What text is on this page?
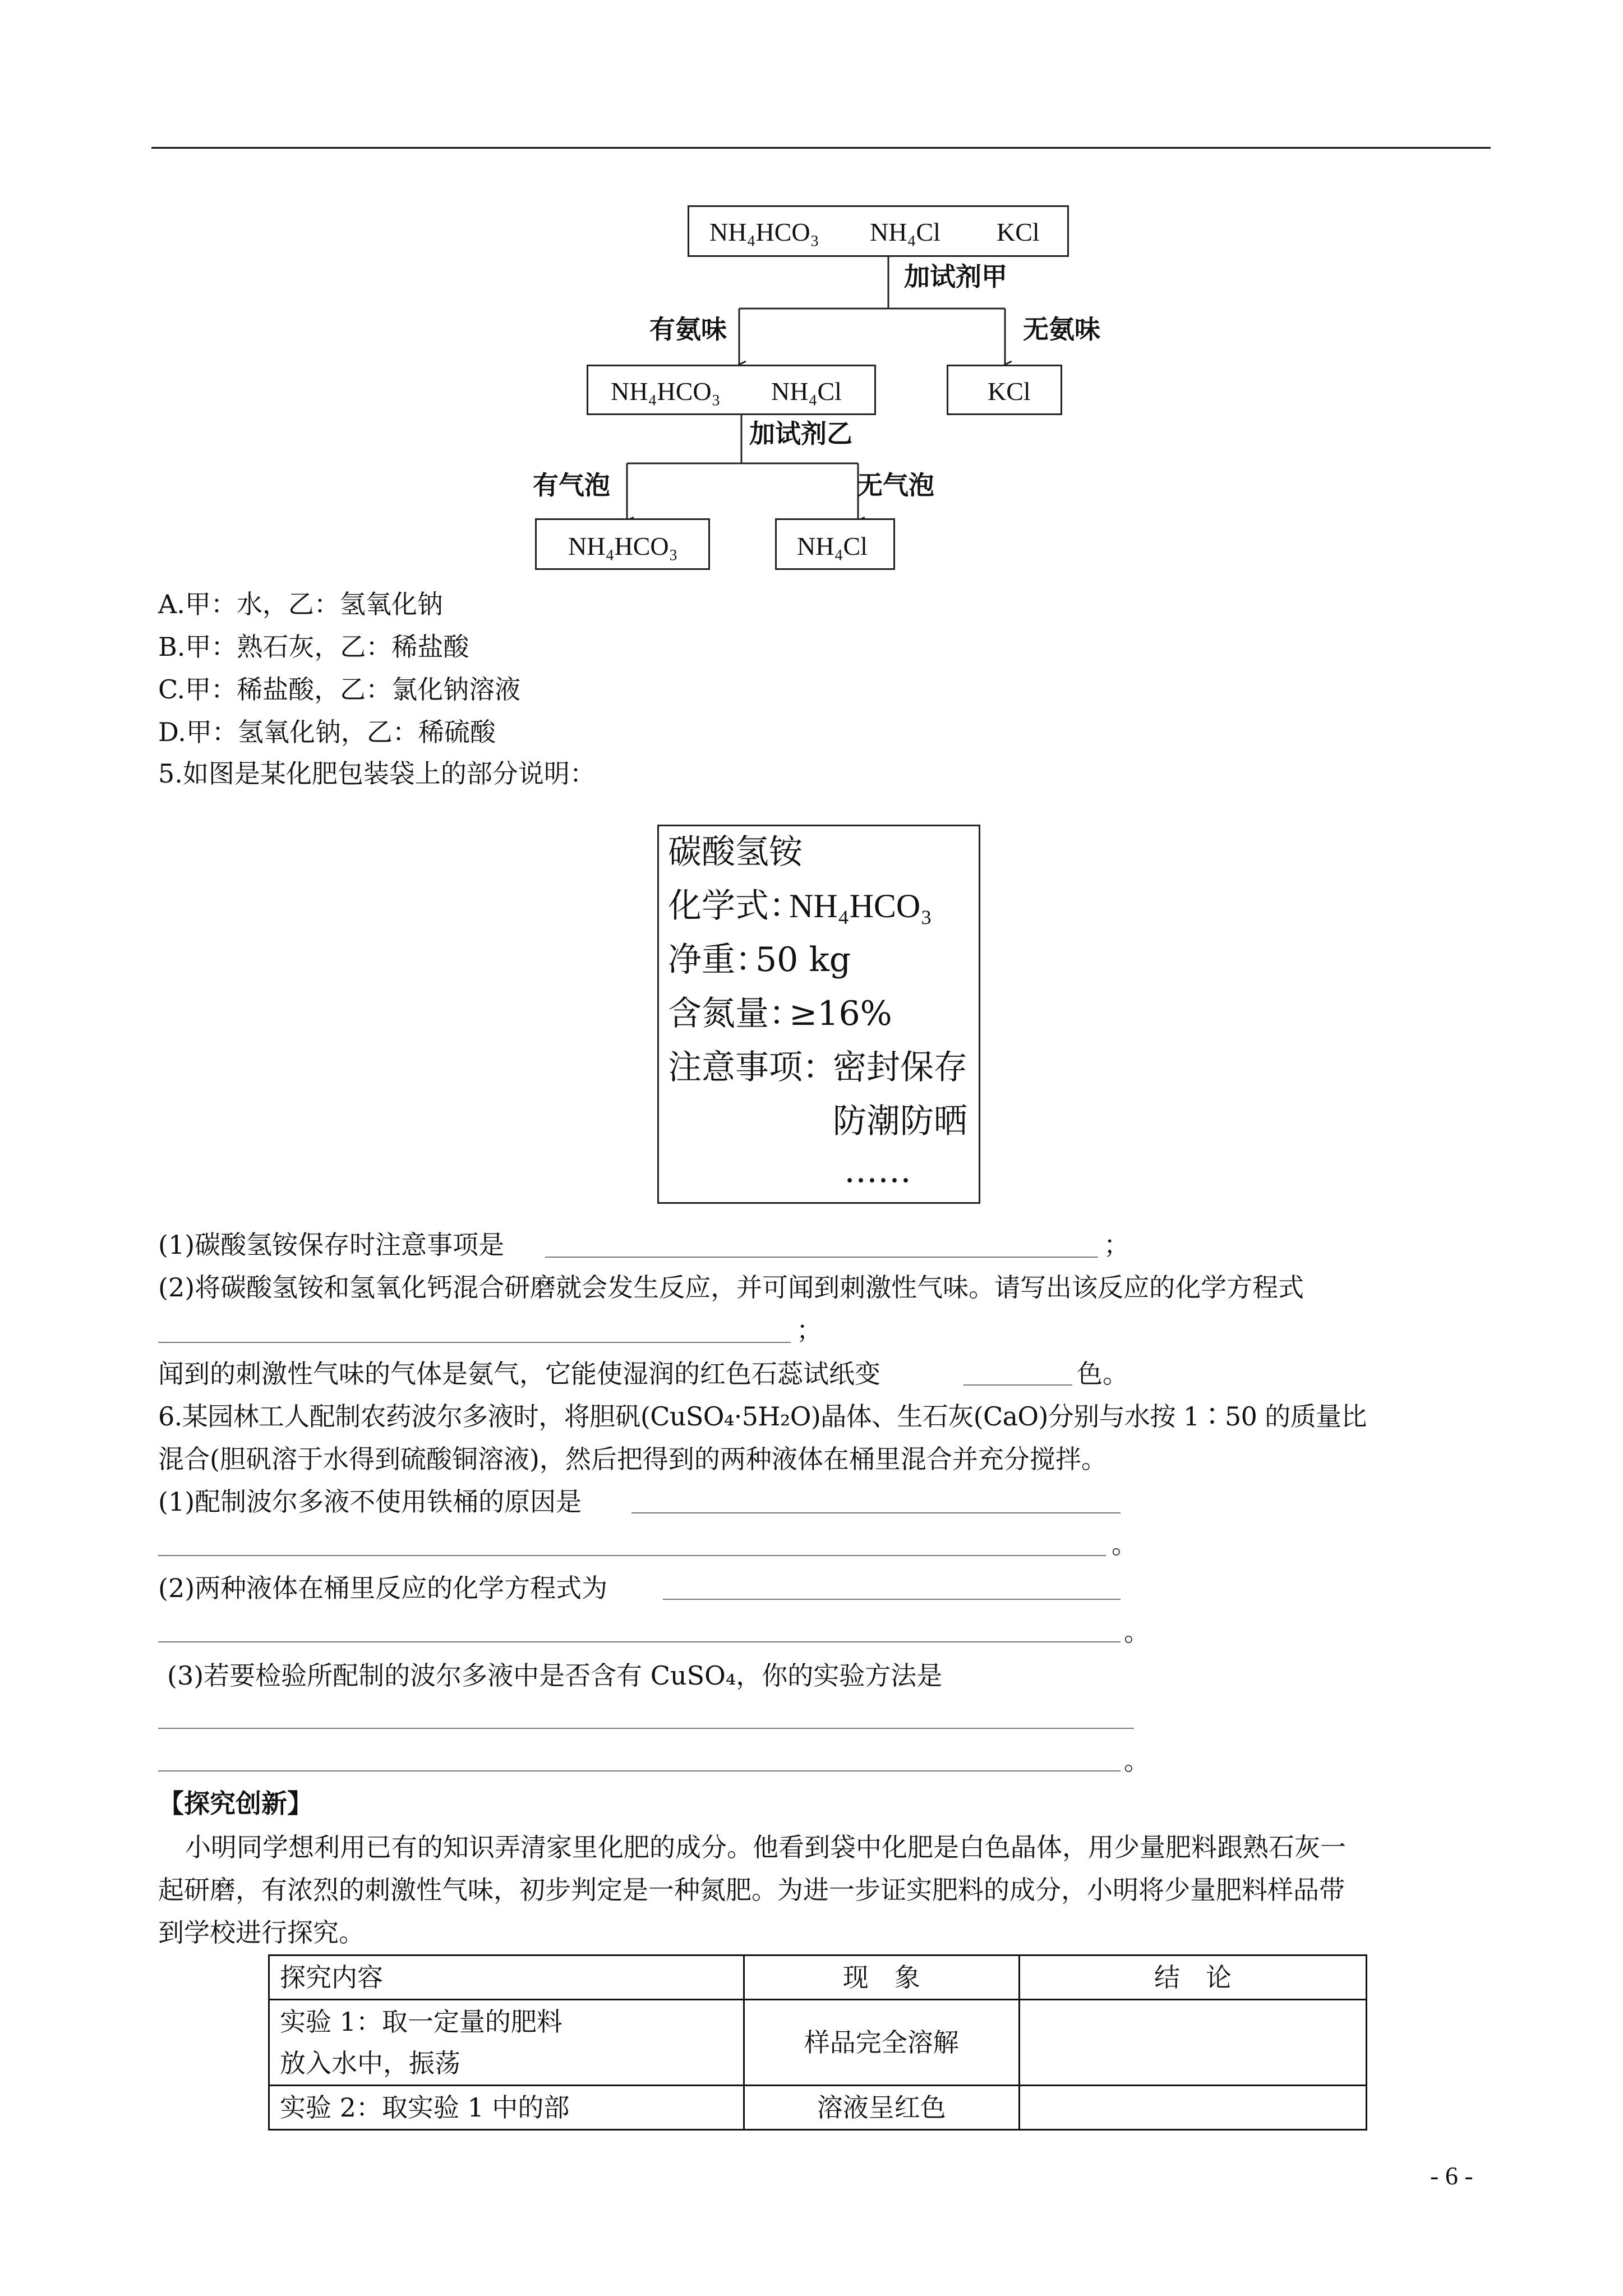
NH₄HCO₃ NH₄Cl KCl
加试剂甲
有氨味	无氨味
NH₄HCO₃ NH₄Cl	KCl
加试剂乙
有气泡	无气泡
NH₄HCO₃	NH₄Cl
A.甲：水，乙：氢氧化钠
B.甲：熟石灰，乙：稀盐酸
C.甲：稀盐酸，乙：氯化钠溶液
D.甲：氢氧化钠，乙：稀硫酸
5.如图是某化肥包装袋上的部分说明：
碳酸氢铵
化学式：
NH₄HCO₃
净重：
50 kg
含氮量：
≥16%
注意事项：
密封保存
防潮防晒
……
(1)碳酸氢铵保存时注意事项是	；
(2)将碳酸氢铵和氢氧化钙混合研磨就会发生反应，并可闻到刺激性气味。请写出该反应的化学方程式
；
闻到的刺激性气味的气体是氨气，它能使湿润的红色石蕊试纸变	色。
6.某园林工人配制农药波尔多液时，将胆矾(CuSO₄·5H₂O)晶体、生石灰(CaO)分别与水按 1∶50 的质量比
混合(胆矾溶于水得到硫酸铜溶液)，然后把得到的两种液体在桶里混合并充分搅拌。
(1)配制波尔多液不使用铁桶的原因是
。
(2)两种液体在桶里反应的化学方程式为
。
(3)若要检验所配制的波尔多液中是否含有 CuSO₄，你的实验方法是
。
【探究创新】
小明同学想利用已有的知识弄清家里化肥的成分。他看到袋中化肥是白色晶体，用少量肥料跟熟石灰一
起研磨，有浓烈的刺激性气味，初步判定是一种氮肥。为进一步证实肥料的成分，小明将少量肥料样品带
到学校进行探究。
探究内容	现　象	结　论

实验 1：取一定量的肥料
放入水中，振荡	样品完全溶解	
实验 2：取实验 1 中的部	溶液呈红色	
- 6 -
